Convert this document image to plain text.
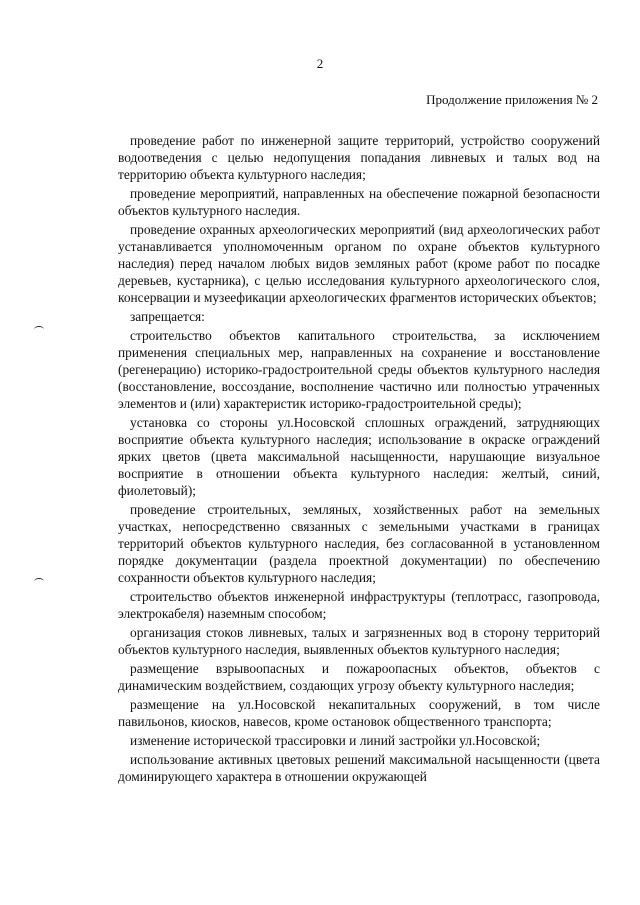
2
Продолжение приложения № 2

проведение работ по инженерной защите территорий, устройство сооружений водоотведения с целью недопущения попадания ливневых и талых вод на территорию объекта культурного наследия;

проведение мероприятий, направленных на обеспечение пожарной безопасности объектов культурного наследия.

проведение охранных археологических мероприятий (вид археологических работ устанавливается уполномоченным органом по охране объектов культурного наследия) перед началом любых видов земляных работ (кроме работ по посадке деревьев, кустарника), с целью исследования культурного археологического слоя, консервации и музеефикации археологических фрагментов исторических объектов;

запрещается:

строительство объектов капитального строительства, за исключением применения специальных мер, направленных на сохранение и восстановление (регенерацию) историко-градостроительной среды объектов культурного наследия (восстановление, воссоздание, восполнение частично или полностью утраченных элементов и (или) характеристик историко-градостроительной среды);

установка со стороны ул.Носовской сплошных ограждений, затрудняющих восприятие объекта культурного наследия; использование в окраске ограждений ярких цветов (цвета максимальной насыщенности, нарушающие визуальное восприятие в отношении объекта культурного наследия: желтый, синий, фиолетовый);

проведение строительных, земляных, хозяйственных работ на земельных участках, непосредственно связанных с земельными участками в границах территорий объектов культурного наследия, без согласованной в установленном порядке документации (раздела проектной документации) по обеспечению сохранности объектов культурного наследия;

строительство объектов инженерной инфраструктуры (теплотрасс, газопровода, электрокабеля) наземным способом;

организация стоков ливневых, талых и загрязненных вод в сторону территорий объектов культурного наследия, выявленных объектов культурного наследия;

размещение взрывоопасных и пожароопасных объектов, объектов с динамическим воздействием, создающих угрозу объекту культурного наследия;

размещение на ул.Носовской некапитальных сооружений, в том числе павильонов, киосков, навесов, кроме остановок общественного транспорта;

изменение исторической трассировки и линий застройки ул.Носовской;

использование активных цветовых решений максимальной насыщенности (цвета доминирующего характера в отношении окружающей
